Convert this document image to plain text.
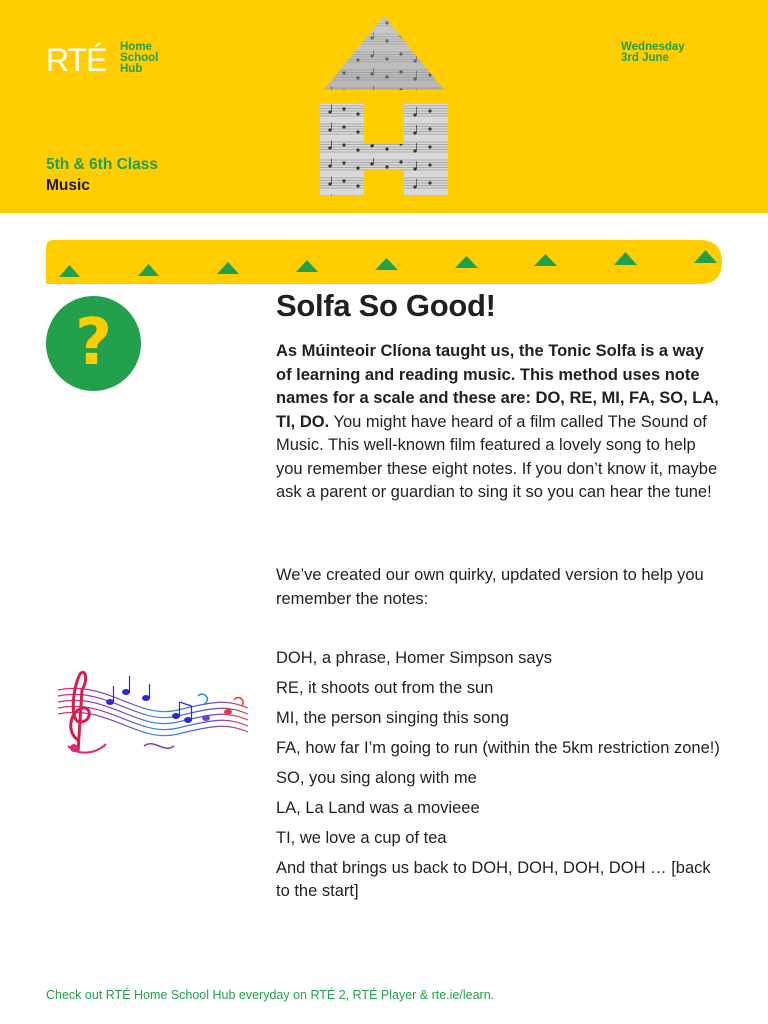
RTÉ Home
School
Hub
Wednesday
3rd June
5th & 6th Class
Music
?
Solfa So Good!
As Múinteoir Clíona taught us, the Tonic Solfa is a way of learning and reading music. This method uses note names for a scale and these are: DO, RE, MI, FA, SO, LA, TI, DO. You might have heard of a film called The Sound of Music. This well-known film featured a lovely song to help you remember these eight notes. If you don’t know it, maybe ask a parent or guardian to sing it so you can hear the tune!
We’ve created our own quirky, updated version to help you remember the notes:
DOH, a phrase, Homer Simpson says
RE, it shoots out from the sun
MI, the person singing this song
FA, how far I’m going to run (within the 5km restriction zone!)
SO, you sing along with me
LA, La Land was a movieee
TI, we love a cup of tea
And that brings us back to DOH, DOH, DOH, DOH … [back to the start]
Check out RTÉ Home School Hub everyday on RTÉ 2, RTÉ Player & rte.ie/learn.
